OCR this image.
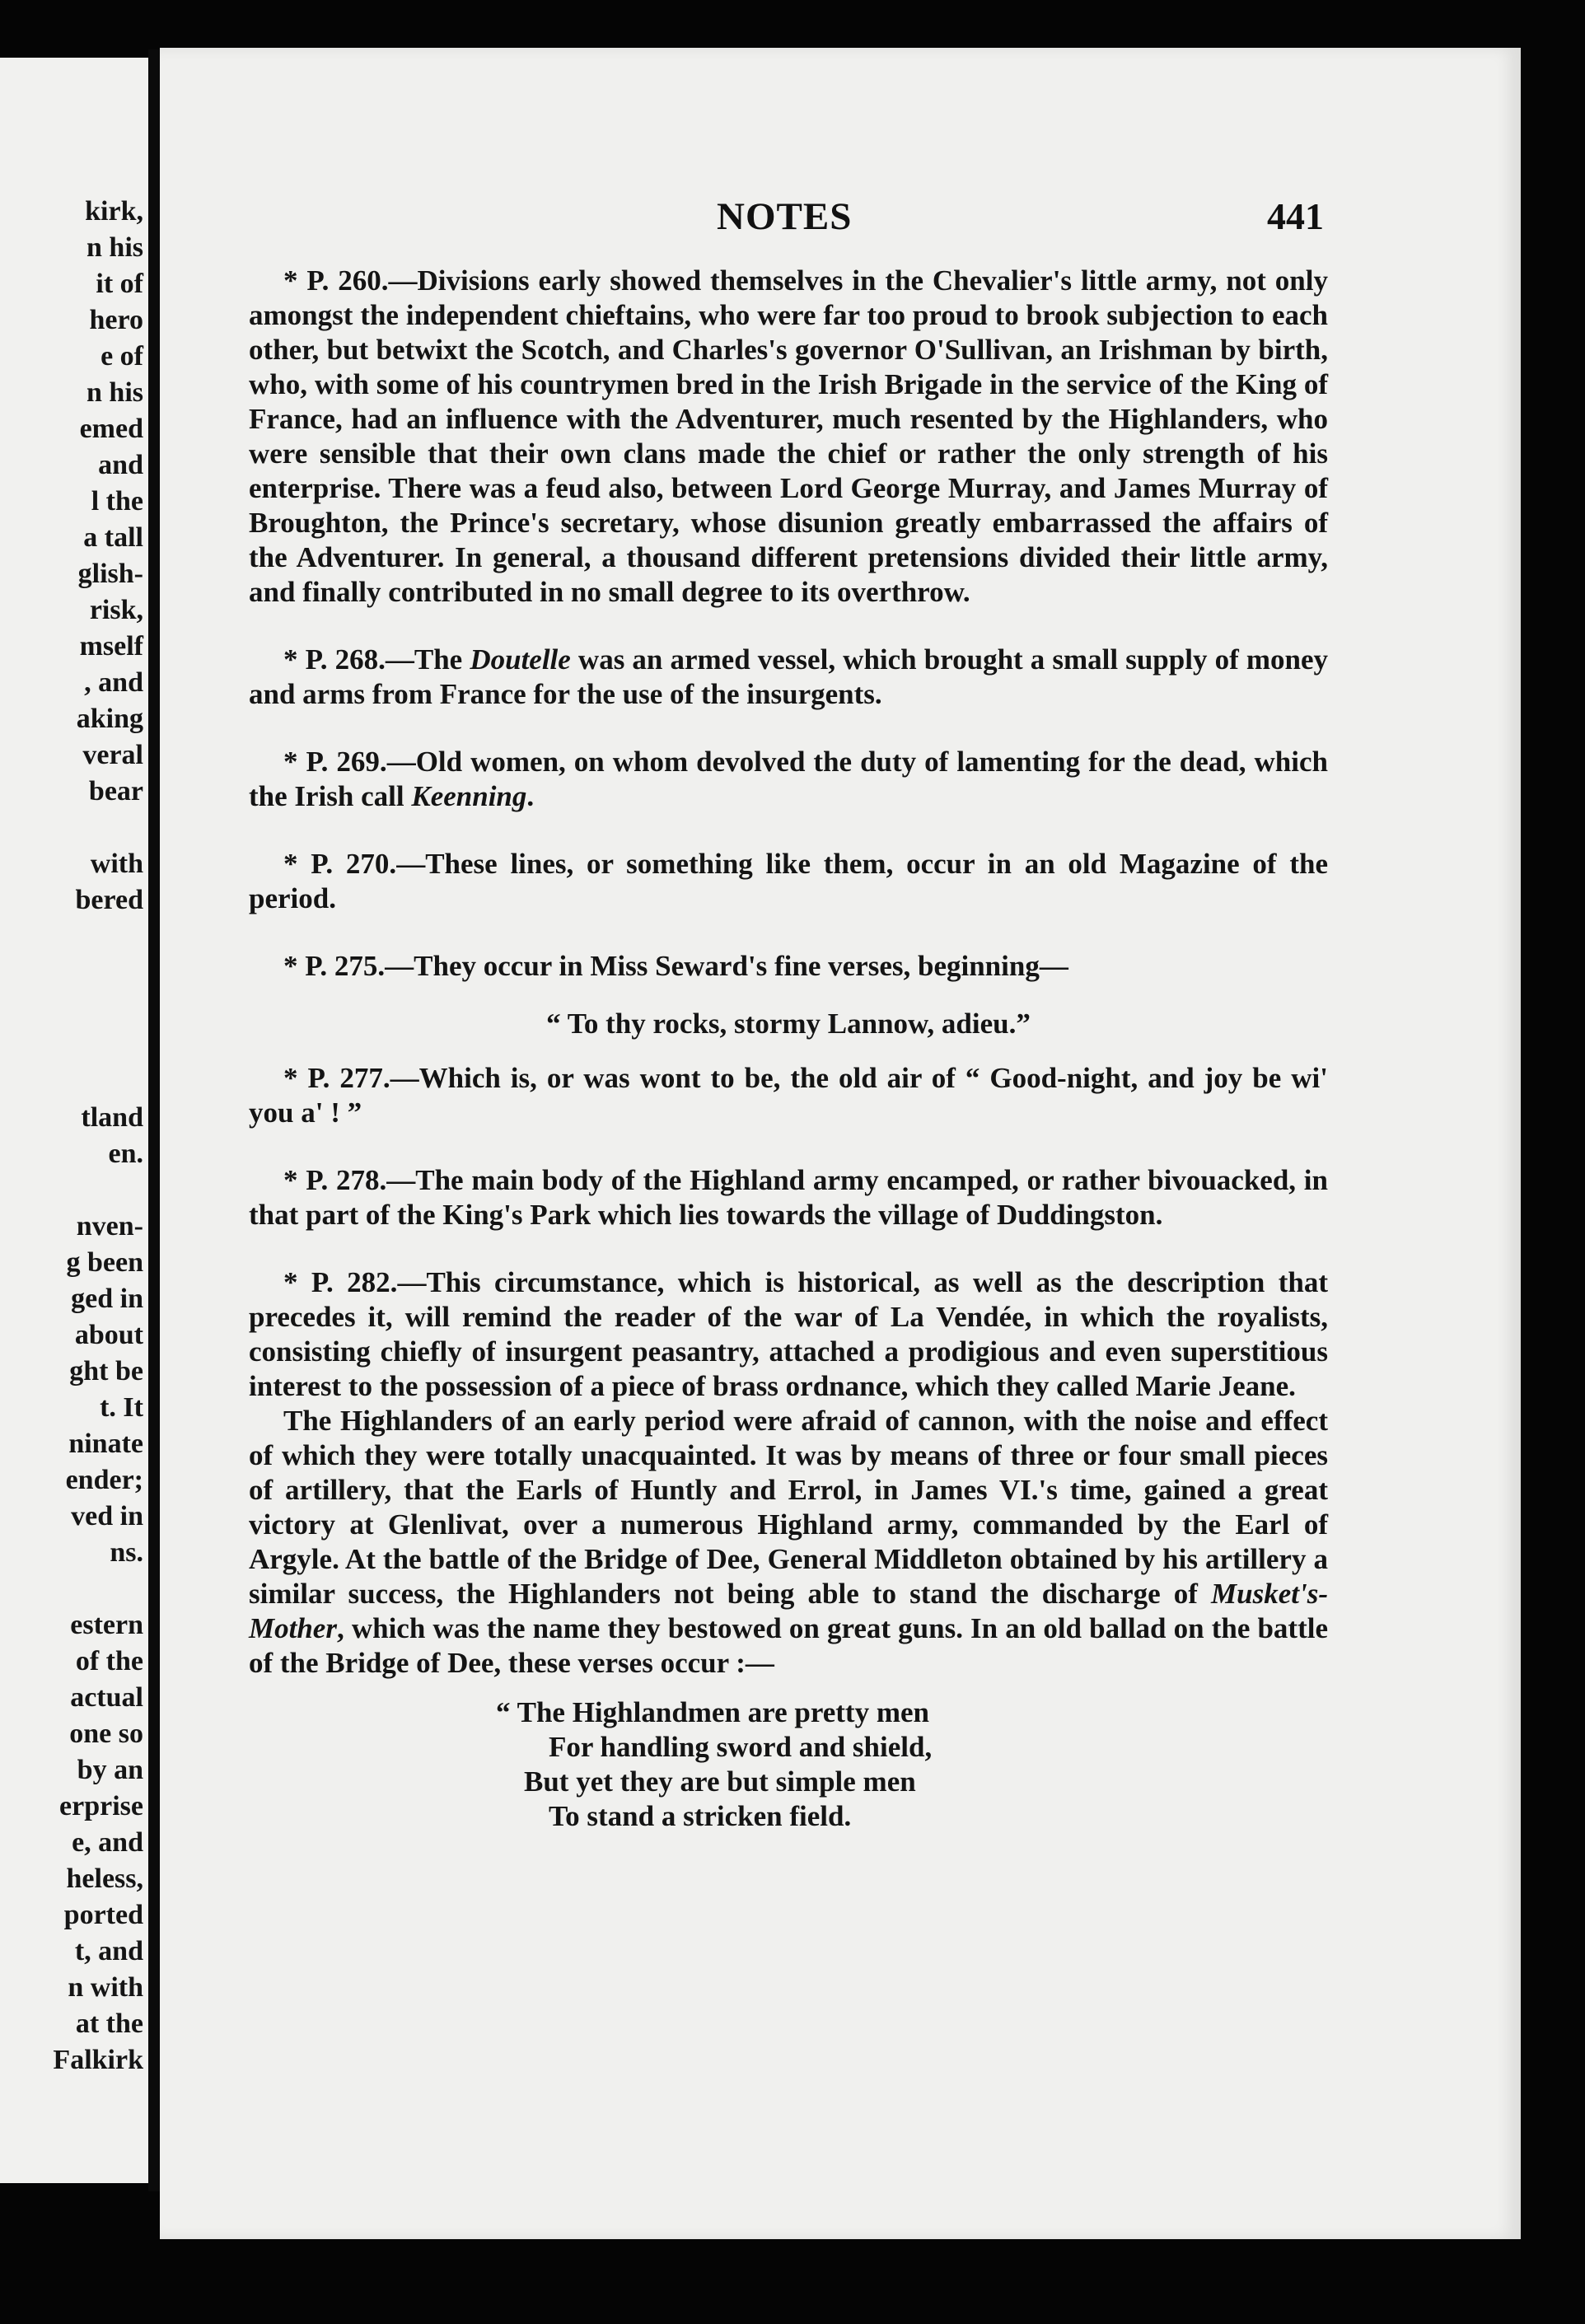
kirk,
n his
it of
hero
e of
n his
emed
and
l the
a tall
glish-
risk,
mself
, and
aking
veral
bear
with
bered
tland
en.
nven-
g been
ged in
about
ght be
t. It
ninate
ender;
ved in
ns.
estern
of the
actual
one so
by an
erprise
e, and
heless,
ported
t, and
n with
at the
Falkirk
NOTES	441

* P. 260.—Divisions early showed themselves in the Chevalier's little army, not only amongst the independent chieftains, who were far too proud to brook subjection to each other, but betwixt the Scotch, and Charles's governor O'Sullivan, an Irishman by birth, who, with some of his countrymen bred in the Irish Brigade in the service of the King of France, had an influence with the Adventurer, much resented by the Highlanders, who were sensible that their own clans made the chief or rather the only strength of his enterprise. There was a feud also, between Lord George Murray, and James Murray of Broughton, the Prince's secretary, whose disunion greatly embarrassed the affairs of the Adventurer. In general, a thousand different pretensions divided their little army, and finally contributed in no small degree to its overthrow.

* P. 268.—The Doutelle was an armed vessel, which brought a small supply of money and arms from France for the use of the insurgents.

* P. 269.—Old women, on whom devolved the duty of lamenting for the dead, which the Irish call Keenning.

* P. 270.—These lines, or something like them, occur in an old Magazine of the period.

* P. 275.—They occur in Miss Seward's fine verses, beginning—

“ To thy rocks, stormy Lannow, adieu.”

* P. 277.—Which is, or was wont to be, the old air of “ Good-night, and joy be wi' you a' ! ”

* P. 278.—The main body of the Highland army encamped, or rather bivouacked, in that part of the King's Park which lies towards the village of Duddingston.

* P. 282.—This circumstance, which is historical, as well as the description that precedes it, will remind the reader of the war of La Vendée, in which the royalists, consisting chiefly of insurgent peasantry, attached a prodigious and even superstitious interest to the possession of a piece of brass ordnance, which they called Marie Jeane.

The Highlanders of an early period were afraid of cannon, with the noise and effect of which they were totally unacquainted. It was by means of three or four small pieces of artillery, that the Earls of Huntly and Errol, in James VI.'s time, gained a great victory at Glenlivat, over a numerous Highland army, commanded by the Earl of Argyle. At the battle of the Bridge of Dee, General Middleton obtained by his artillery a similar success, the Highlanders not being able to stand the discharge of Musket's-Mother, which was the name they bestowed on great guns. In an old ballad on the battle of the Bridge of Dee, these verses occur :—

“ The Highlandmen are pretty men
For handling sword and shield,
But yet they are but simple men
To stand a stricken field.
